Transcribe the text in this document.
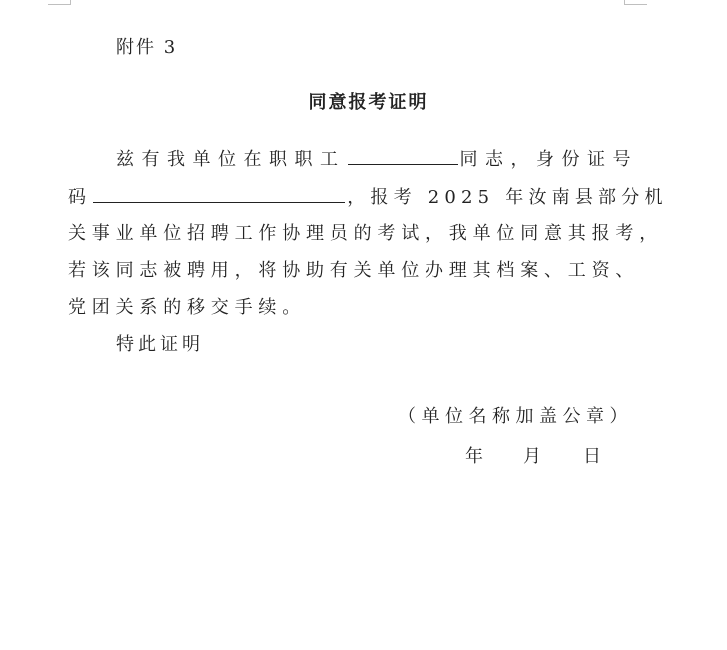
附件 3
同意报考证明
兹有我单位在职职工	同志，身份证号
码	，报考 2025 年汝南县部分机
关事业单位招聘工作协理员的考试，我单位同意其报考，
若该同志被聘用，将协助有关单位办理其档案、工资、
党团关系的移交手续。
特此证明
（单位名称加盖公章）
年 月 日
